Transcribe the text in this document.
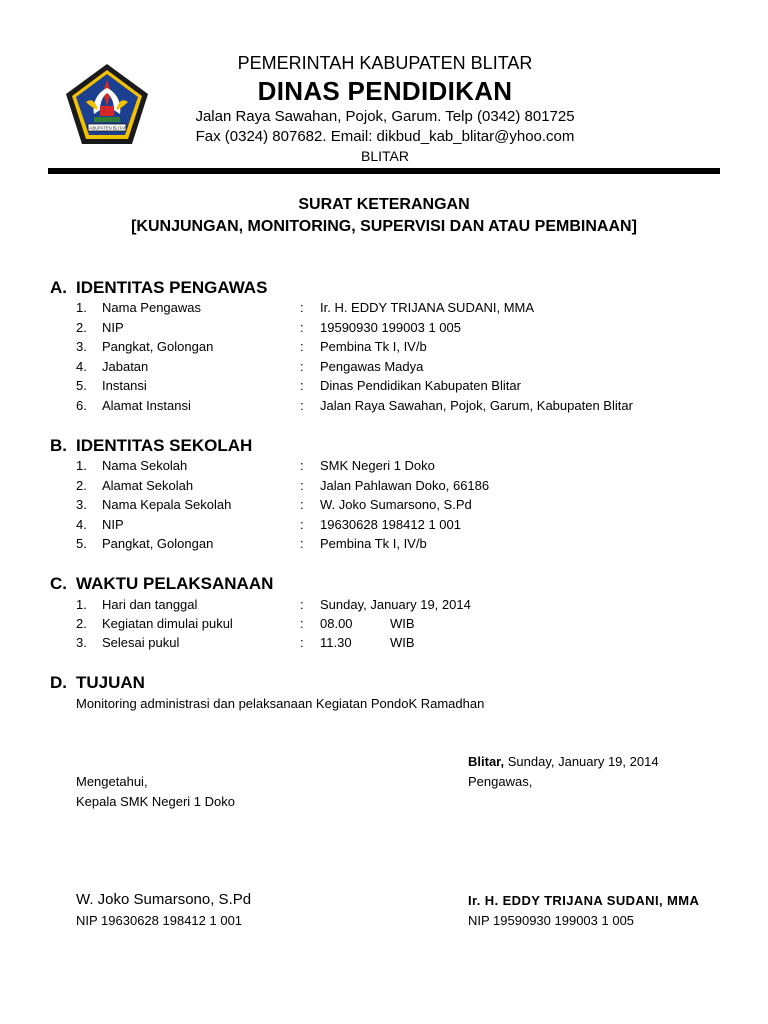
KABUPATEN BLITAR
PEMERINTAH KABUPATEN BLITAR
DINAS PENDIDIKAN
Jalan Raya Sawahan, Pojok, Garum. Telp (0342) 801725
Fax (0324) 807682. Email: dikbud_kab_blitar@yhoo.com
BLITAR
SURAT KETERANGAN
[KUNJUNGAN, MONITORING, SUPERVISI DAN ATAU PEMBINAAN]
A. IDENTITAS PENGAWAS
1. Nama Pengawas	: Ir. H. EDDY TRIJANA SUDANI, MMA
2. NIP	: 19590930 199003 1 005
3. Pangkat, Golongan	: Pembina Tk I, IV/b
4. Jabatan	: Pengawas Madya
5. Instansi	: Dinas Pendidikan Kabupaten Blitar
6. Alamat Instansi	: Jalan Raya Sawahan, Pojok, Garum, Kabupaten Blitar
B. IDENTITAS SEKOLAH
1. Nama Sekolah	: SMK Negeri 1 Doko
2. Alamat Sekolah	: Jalan Pahlawan Doko, 66186
3. Nama Kepala Sekolah	: W. Joko Sumarsono, S.Pd
4. NIP	: 19630628 198412 1 001
5. Pangkat, Golongan	: Pembina Tk I, IV/b
C. WAKTU PELAKSANAAN
1. Hari dan tanggal	: Sunday, January 19, 2014
2. Kegiatan dimulai pukul	: 08.00	WIB
3. Selesai pukul	: 11.30	WIB
D. TUJUAN
Monitoring administrasi dan pelaksanaan Kegiatan PondoK Ramadhan
Blitar, Sunday, January 19, 2014
Mengetahui,	Pengawas,
Kepala SMK Negeri 1 Doko
W. Joko Sumarsono, S.Pd	Ir. H. EDDY TRIJANA SUDANI, MMA
NIP 19630628 198412 1 001	NIP 19590930 199003 1 005
